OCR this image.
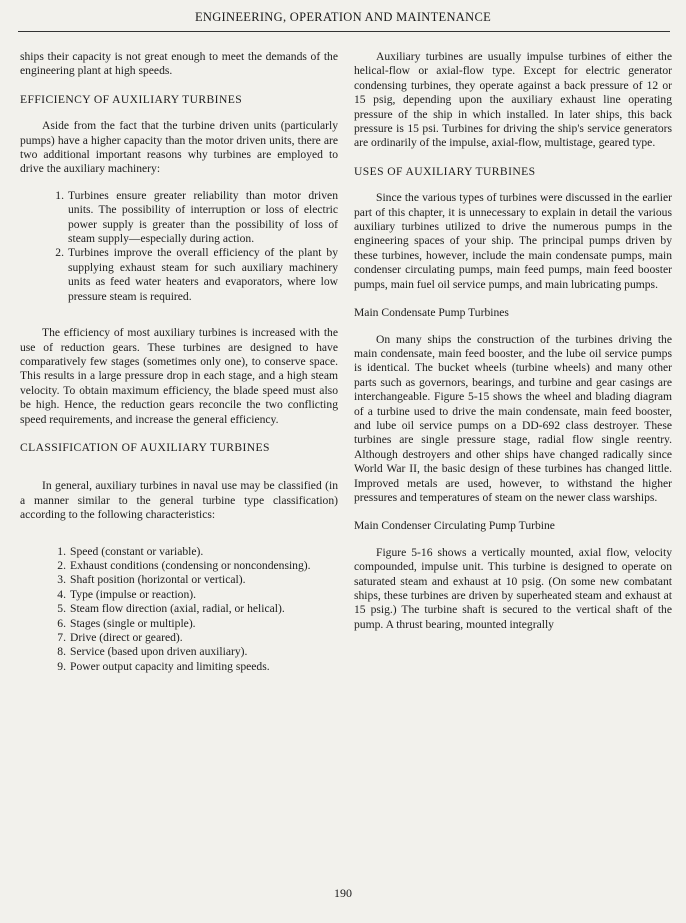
ENGINEERING, OPERATION AND MAINTENANCE

ships their capacity is not great enough to meet the demands of the engineering plant at high speeds.

EFFICIENCY OF AUXILIARY TURBINES

Aside from the fact that the turbine driven units (particularly pumps) have a higher capacity than the motor driven units, there are two additional important reasons why turbines are employed to drive the auxiliary machinery:

1. Turbines ensure greater reliability than motor driven units. The possibility of interruption or loss of electric power supply is greater than the possibility of loss of steam supply—especially during action.
2. Turbines improve the overall efficiency of the plant by supplying exhaust steam for such auxiliary machinery units as feed water heaters and evaporators, where low pressure steam is required.

The efficiency of most auxiliary turbines is increased with the use of reduction gears. These turbines are designed to have comparatively few stages (sometimes only one), to conserve space. This results in a large pressure drop in each stage, and a high steam velocity. To obtain maximum efficiency, the blade speed must also be high. Hence, the reduction gears reconcile the two conflicting speed requirements, and increase the general efficiency.

CLASSIFICATION OF AUXILIARY TURBINES

In general, auxiliary turbines in naval use may be classified (in a manner similar to the general turbine type classification) according to the following characteristics:

1. Speed (constant or variable).
2. Exhaust conditions (condensing or noncondensing).
3. Shaft position (horizontal or vertical).
4. Type (impulse or reaction).
5. Steam flow direction (axial, radial, or helical).
6. Stages (single or multiple).
7. Drive (direct or geared).
8. Service (based upon driven auxiliary).
9. Power output capacity and limiting speeds.

Auxiliary turbines are usually impulse turbines of either the helical-flow or axial-flow type. Except for electric generator condensing turbines, they operate against a back pressure of 12 or 15 psig, depending upon the auxiliary exhaust line operating pressure of the ship in which installed. In later ships, this back pressure is 15 psi. Turbines for driving the ship's service generators are ordinarily of the impulse, axial-flow, multistage, geared type.

USES OF AUXILIARY TURBINES

Since the various types of turbines were discussed in the earlier part of this chapter, it is unnecessary to explain in detail the various auxiliary turbines utilized to drive the numerous pumps in the engineering spaces of your ship. The principal pumps driven by these turbines, however, include the main condensate pumps, main condenser circulating pumps, main feed pumps, main feed booster pumps, main fuel oil service pumps, and main lubricating pumps.

Main Condensate Pump Turbines

On many ships the construction of the turbines driving the main condensate, main feed booster, and the lube oil service pumps is identical. The bucket wheels (turbine wheels) and many other parts such as governors, bearings, and turbine and gear casings are interchangeable. Figure 5-15 shows the wheel and blading diagram of a turbine used to drive the main condensate, main feed booster, and lube oil service pumps on a DD-692 class destroyer. These turbines are single pressure stage, radial flow single reentry. Although destroyers and other ships have changed radically since World War II, the basic design of these turbines has changed little. Improved metals are used, however, to withstand the higher pressures and temperatures of steam on the newer class warships.

Main Condenser Circulating Pump Turbine

Figure 5-16 shows a vertically mounted, axial flow, velocity compounded, impulse unit. This turbine is designed to operate on saturated steam and exhaust at 10 psig. (On some new combatant ships, these turbines are driven by superheated steam and exhaust at 15 psig.) The turbine shaft is secured to the vertical shaft of the pump. A thrust bearing, mounted integrally

190
